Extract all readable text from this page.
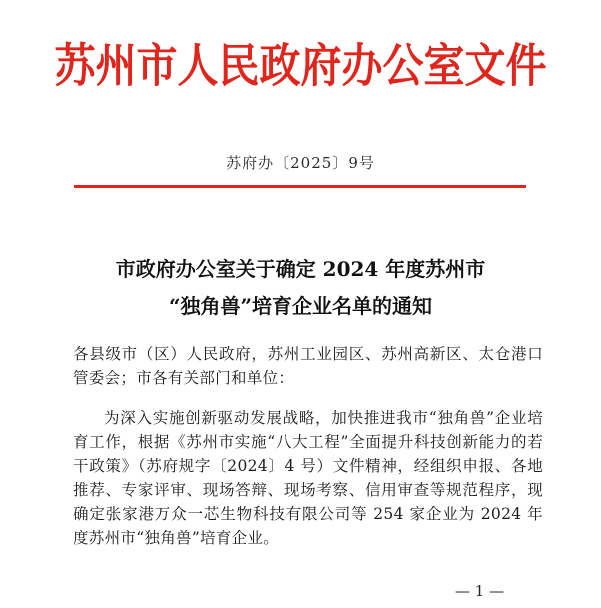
苏州市人民政府办公室文件
苏府办〔2025〕9号
市政府办公室关于确定 2024 年度苏州市
“独角兽”培育企业名单的通知
各县级市（区）人民政府，苏州工业园区、苏州高新区、太仓港口管委会；市各有关部门和单位：
为深入实施创新驱动发展战略，加快推进我市“独角兽”企业培育工作，根据《苏州市实施“八大工程”全面提升科技创新能力的若干政策》（苏府规字〔2024〕4 号）文件精神，经组织申报、各地推荐、专家评审、现场答辩、现场考察、信用审查等规范程序，现确定张家港万众一芯生物科技有限公司等 254 家企业为 2024 年度苏州市“独角兽”培育企业。
— 1 —
